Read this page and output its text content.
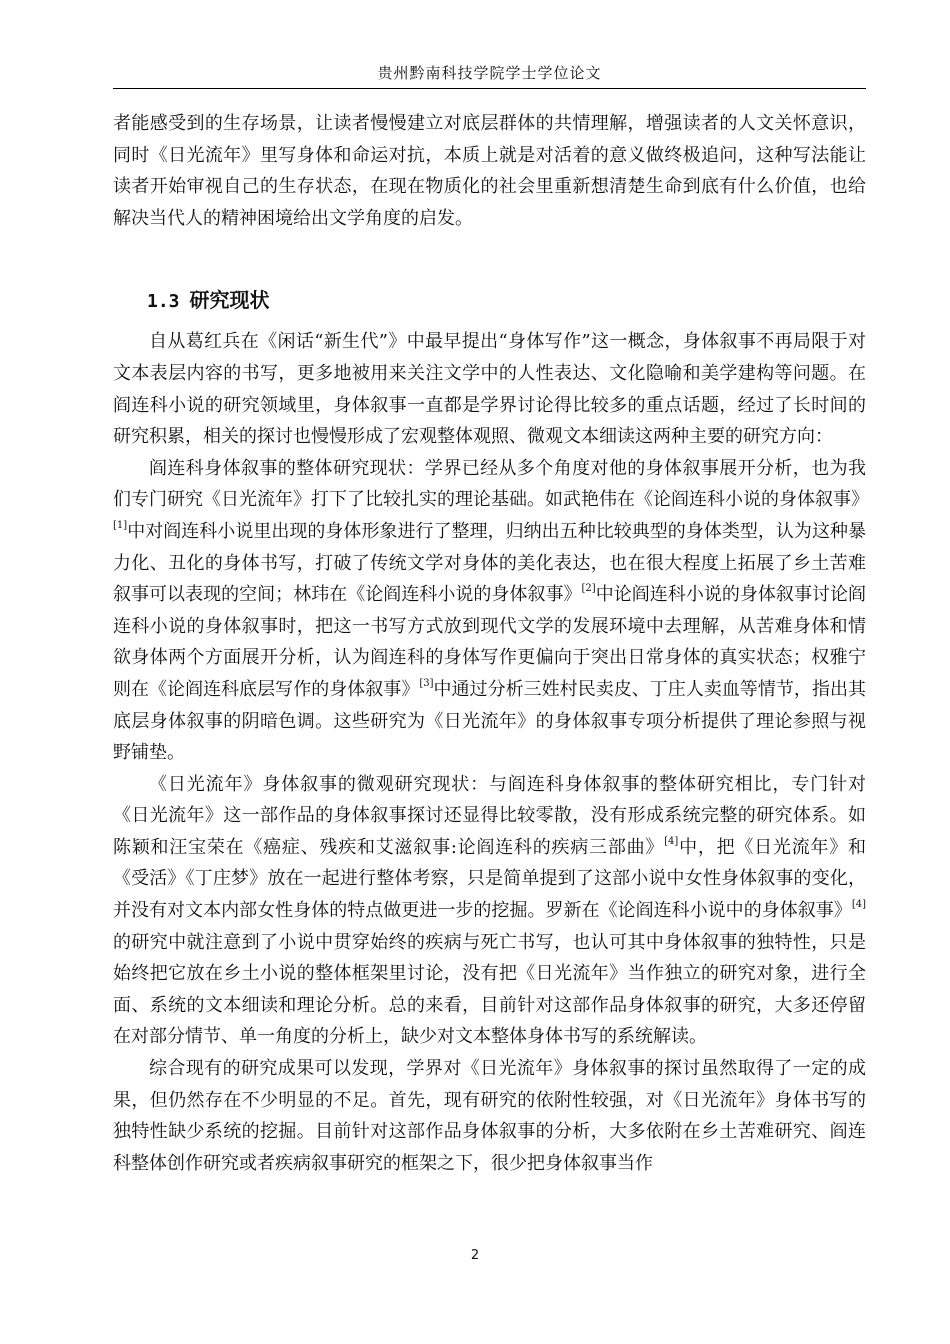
贵州黔南科技学院学士学位论文

者能感受到的生存场景，让读者慢慢建立对底层群体的共情理解，增强读者的人文关怀意识，同时《日光流年》里写身体和命运对抗，本质上就是对活着的意义做终极追问，这种写法能让读者开始审视自己的生存状态，在现在物质化的社会里重新想清楚生命到底有什么价值，也给解决当代人的精神困境给出文学角度的启发。

1.3 研究现状

自从葛红兵在《闲话“新生代”》中最早提出“身体写作”这一概念，身体叙事不再局限于对文本表层内容的书写，更多地被用来关注文学中的人性表达、文化隐喻和美学建构等问题。在阎连科小说的研究领域里，身体叙事一直都是学界讨论得比较多的重点话题，经过了长时间的研究积累，相关的探讨也慢慢形成了宏观整体观照、微观文本细读这两种主要的研究方向：

阎连科身体叙事的整体研究现状：学界已经从多个角度对他的身体叙事展开分析，也为我们专门研究《日光流年》打下了比较扎实的理论基础。如武艳伟在《论阎连科小说的身体叙事》[1]中对阎连科小说里出现的身体形象进行了整理，归纳出五种比较典型的身体类型，认为这种暴力化、丑化的身体书写，打破了传统文学对身体的美化表达，也在很大程度上拓展了乡土苦难叙事可以表现的空间；林玮在《论阎连科小说的身体叙事》[2]中论阎连科小说的身体叙事讨论阎连科小说的身体叙事时，把这一书写方式放到现代文学的发展环境中去理解，从苦难身体和情欲身体两个方面展开分析，认为阎连科的身体写作更偏向于突出日常身体的真实状态；权雅宁则在《论阎连科底层写作的身体叙事》[3]中通过分析三姓村民卖皮、丁庄人卖血等情节，指出其底层身体叙事的阴暗色调。这些研究为《日光流年》的身体叙事专项分析提供了理论参照与视野铺垫。

《日光流年》身体叙事的微观研究现状：与阎连科身体叙事的整体研究相比，专门针对《日光流年》这一部作品的身体叙事探讨还显得比较零散，没有形成系统完整的研究体系。如陈颖和汪宝荣在《癌症、残疾和艾滋叙事:论阎连科的疾病三部曲》[4]中，把《日光流年》和《受活》《丁庄梦》放在一起进行整体考察，只是简单提到了这部小说中女性身体叙事的变化，并没有对文本内部女性身体的特点做更进一步的挖掘。罗新在《论阎连科小说中的身体叙事》[4]的研究中就注意到了小说中贯穿始终的疾病与死亡书写，也认可其中身体叙事的独特性，只是始终把它放在乡土小说的整体框架里讨论，没有把《日光流年》当作独立的研究对象，进行全面、系统的文本细读和理论分析。总的来看，目前针对这部作品身体叙事的研究，大多还停留在对部分情节、单一角度的分析上，缺少对文本整体身体书写的系统解读。

综合现有的研究成果可以发现，学界对《日光流年》身体叙事的探讨虽然取得了一定的成果，但仍然存在不少明显的不足。首先，现有研究的依附性较强，对《日光流年》身体书写的独特性缺少系统的挖掘。目前针对这部作品身体叙事的分析，大多依附在乡土苦难研究、阎连科整体创作研究或者疾病叙事研究的框架之下，很少把身体叙事当作

2
